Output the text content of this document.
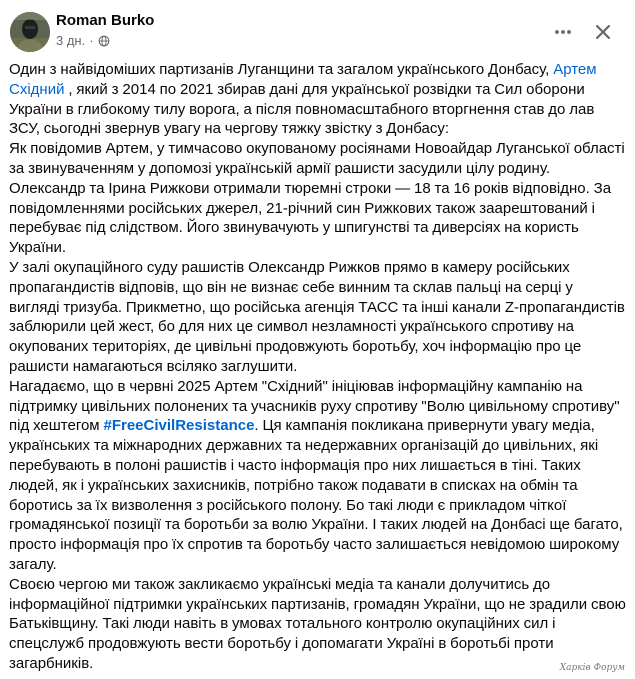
Roman Burko
3 дн. ·

Один з найвідоміших партизанів Луганщини та загалом українського Донбасу, Артем Східний , який з 2014 по 2021 збирав дані для української розвідки та Сил оборони України в глибокому тилу ворога, а після повномасштабного вторгнення став до лав ЗСУ, сьогодні звернув увагу на чергову тяжку звістку з Донбасу:

Як повідомив Артем, у тимчасово окупованому росіянами Новоайдар Луганської області за звинуваченням у допомозі українській армії рашисти засудили цілу родину. Олександр та Ірина Рижкови отримали тюремні строки — 18 та 16 років відповідно. За повідомленнями російських джерел, 21-річний син Рижкових також заарештований і перебуває під слідством. Його звинувачують у шпигунстві та диверсіях на користь України.

У залі окупаційного суду рашистів Олександр Рижков прямо в камеру російських пропагандистів відповів, що він не визнає себе винним та склав пальці на серці у вигляді тризуба. Прикметно, що російська агенція ТАСС та інші канали Z-пропагандистів заблюрили цей жест, бо для них це символ незламності українського спротиву на окупованих територіях, де цивільні продовжують боротьбу, хоч інформацію про це рашисти намагаються всіляко заглушити.

Нагадаємо, що в червні 2025 Артем "Східний" ініціював інформаційну кампанію на підтримку цивільних полонених та учасників руху спротиву "Волю цивільному спротиву" під хештегом #FreeCivilResistance. Ця кампанія покликана привернути увагу медіа, українських та міжнародних державних та недержавних організацій до цивільних, які перебувають в полоні рашистів і часто інформація про них лишається в тіні. Таких людей, як і українських захисників, потрібно також подавати в списках на обмін та боротись за їх визволення з російського полону. Бо такі люди є прикладом чіткої громадянської позиції та боротьби за волю України. І таких людей на Донбасі ще багато, просто інформація про їх спротив та боротьбу часто залишається невідомою широкому загалу.

Своєю чергою ми також закликаємо українські медіа та канали долучитись до інформаційної підтримки українських партизанів, громадян України, що не зрадили свою Батьківщину. Такі люди навіть в умовах тотального контролю окупаційних сил і спецслужб продовжують вести боротьбу і допомагати Україні в боротьбі проти загарбників.	Харків Форум
